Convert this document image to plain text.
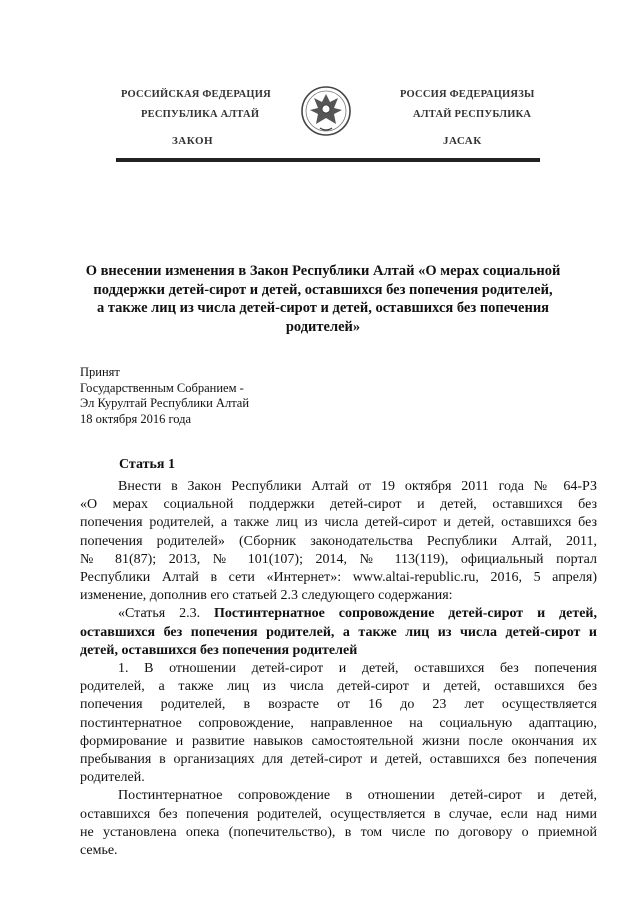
РОССИЙСКАЯ ФЕДЕРАЦИЯ
РЕСПУБЛИКА АЛТАЙ
ЗАКОН
РОССИЯ ФЕДЕРАЦИЯЗЫ
АЛТАЙ РЕСПУБЛИКА
JАСАК
О внесении изменения в Закон Республики Алтай «О мерах социальной
поддержки детей-сирот и детей, оставшихся без попечения родителей,
а также лиц из числа детей-сирот и детей, оставшихся без попечения
родителей»
Принят
Государственным Собранием -
Эл Курултай Республики Алтай
18 октября 2016 года
Статья 1
Внести в Закон Республики Алтай от 19 октября 2011 года № 64-РЗ
«О мерах социальной поддержки детей-сирот и детей, оставшихся без
попечения родителей, а также лиц из числа детей-сирот и детей, оставшихся без
попечения родителей» (Сборник законодательства Республики Алтай, 2011,
№ 81(87); 2013, № 101(107); 2014, № 113(119), официальный портал
Республики Алтай в сети «Интернет»: www.altai-republic.ru, 2016, 5 апреля)
изменение, дополнив его статьей 2.3 следующего содержания:
«Статья 2.3. Постинтернатное сопровождение детей-сирот и детей,
оставшихся без попечения родителей, а также лиц из числа детей-сирот и
детей, оставшихся без попечения родителей
1. В отношении детей-сирот и детей, оставшихся без попечения
родителей, а также лиц из числа детей-сирот и детей, оставшихся без
попечения родителей, в возрасте от 16 до 23 лет осуществляется
постинтернатное сопровождение, направленное на социальную адаптацию,
формирование и развитие навыков самостоятельной жизни после окончания их
пребывания в организациях для детей-сирот и детей, оставшихся без попечения
родителей.
Постинтернатное сопровождение в отношении детей-сирот и детей,
оставшихся без попечения родителей, осуществляется в случае, если над ними
не установлена опека (попечительство), в том числе по договору о приемной
семье.
